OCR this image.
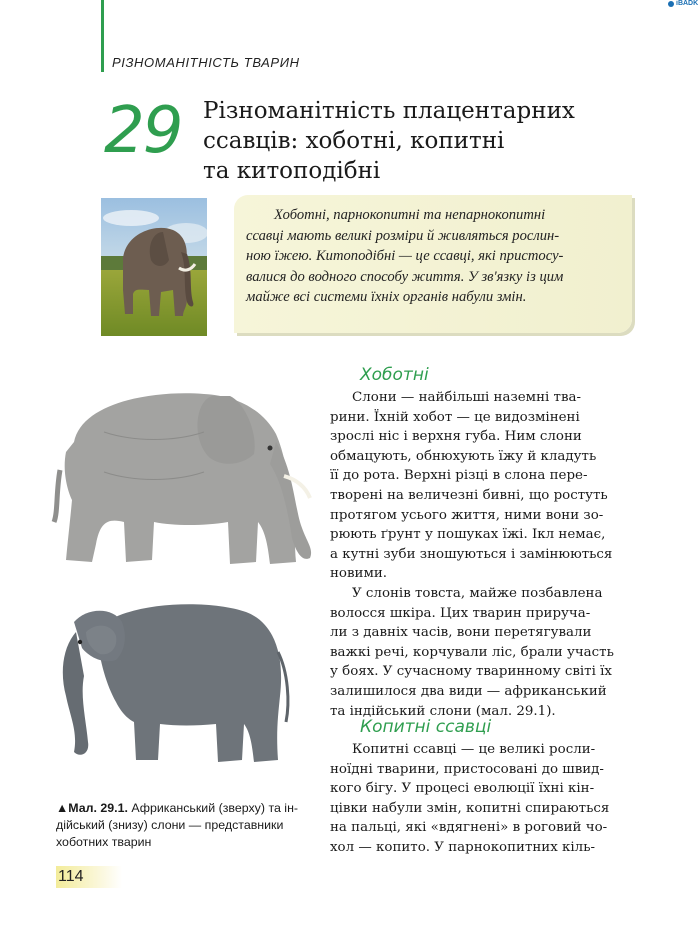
РІЗНОМАНІТНІСТЬ ТВАРИН
iBADK
29 Різноманітність плацентарних
ссавців: хоботні, копитні
та китоподібні
Хоботні, парнокопитні та непарнокопитні
ссавці мають великі розміри й живляться рослин-
ною їжею. Китоподібні — це ссавці, які пристосу-
валися до водного способу життя. У зв'язку із цим
майже всі системи їхніх органів набули змін.
▲Мал. 29.1. Африканський (зверху) та ін-
дійський (знизу) слони — представники
хоботних тварин
Хоботні
Слони — найбільші наземні тва-
рини. Їхній хобот — це видозмінені
зрослі ніс і верхня губа. Ним слони
обмацують, обнюхують їжу й кладуть
її до рота. Верхні різці в слона пере-
творені на величезні бивні, що ростуть
протягом усього життя, ними вони зо-
рюють ґрунт у пошуках їжі. Ікл немає,
а кутні зуби зношуються і замінюються
новими.
У слонів товста, майже позбавлена
волосся шкіра. Цих тварин прируча-
ли з давніх часів, вони перетягували
важкі речі, корчували ліс, брали участь
у боях. У сучасному тваринному світі їх
залишилося два види — африканський
та індійський слони (мал. 29.1).
Копитні ссавці
Копитні ссавці — це великі росли-
ноїдні тварини, пристосовані до швид-
кого бігу. У процесі еволюції їхні кін-
цівки набули змін, копитні спираються
на пальці, які «вдягнені» в роговий чо-
хол — копито. У парнокопитних кіль-
114
